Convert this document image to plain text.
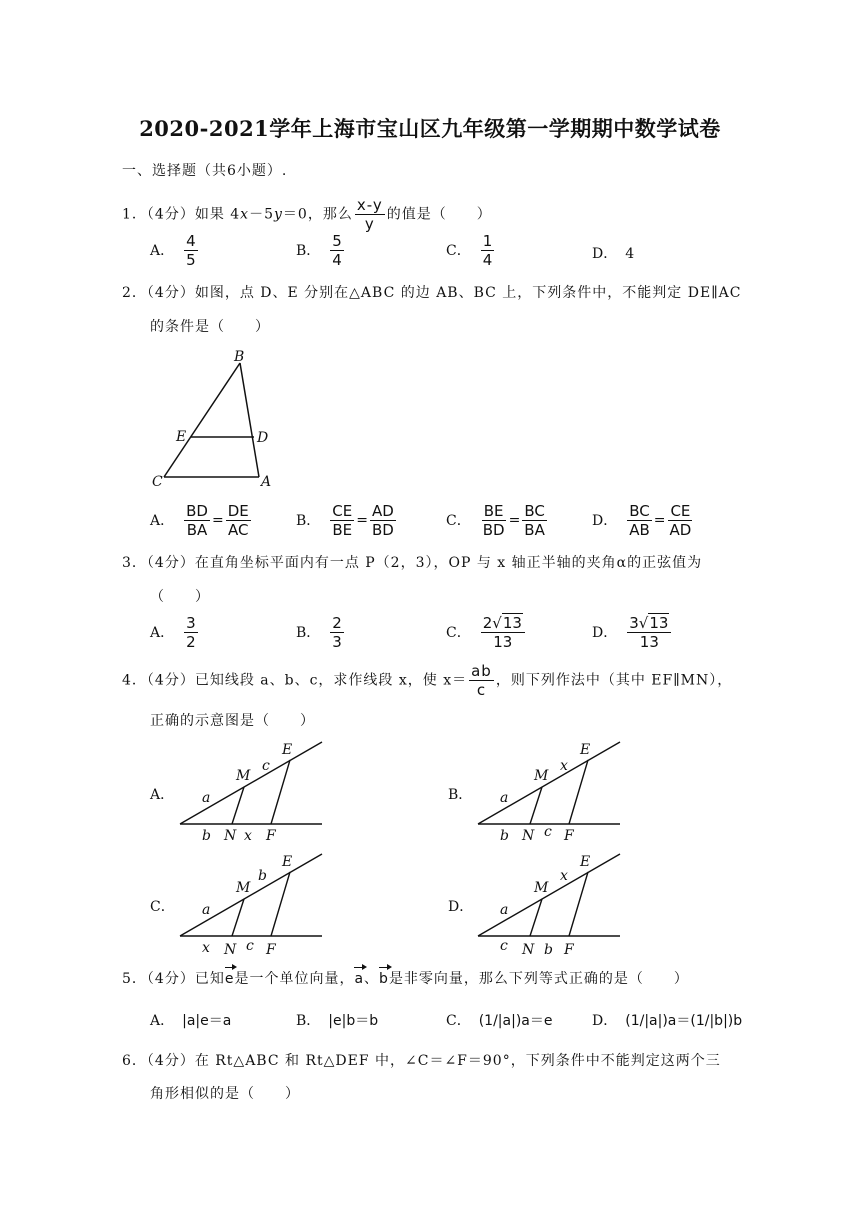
2020-2021学年上海市宝山区九年级第一学期期中数学试卷
一、选择题（共6小题）.
1．（4分）如果 4x－5y＝0，那么 $\frac{x-y}{y}$ 的值是（　　）
A． $\frac{4}{5}$	B． $\frac{5}{4}$	C． $\frac{1}{4}$	D． 4
2．（4分）如图，点 D、E 分别在△ABC 的边 AB、BC 上，下列条件中，不能判定 DE∥AC
的条件是（　　）
B
E	D
C	A
A． $\frac{BD}{BA} = \frac{DE}{AC}$	B． $\frac{CE}{BE} = \frac{AD}{BD}$	C． $\frac{BE}{BD} = \frac{BC}{BA}$	D． $\frac{BC}{AB} = \frac{CE}{AD}$
3．（4分）在直角坐标平面内有一点 P（2，3），OP 与 x 轴正半轴的夹角α的正弦值为
（　　）
A． $\frac{3}{2}$	B． $\frac{2}{3}$	C． $\frac{2√13}{13}$	D． $\frac{3√13}{13}$
4．（4分）已知线段 a、b、c，求作线段 x，使 $x= \frac{ab}{c}$ ，则下列作法中（其中 EF∥MN），
正确的示意图是（　　）
A． a
M
c
E
b N x F
B． a
M
x
E
b N c F
C． a
M
b
E
x N c F
D． a
M
x
E
c N b F
5．（4分）已知e是一个单位向量，a、b是非零向量，那么下列等式正确的是（　　）
A． |a|e＝a	B． |e|b＝b	C． (1/|a|)a＝e	D． (1/|a|)a＝(1/|b|)b
6．（4分）在 Rt△ABC 和 Rt△DEF 中，∠C＝∠F＝90°，下列条件中不能判定这两个三
角形相似的是（　　）
